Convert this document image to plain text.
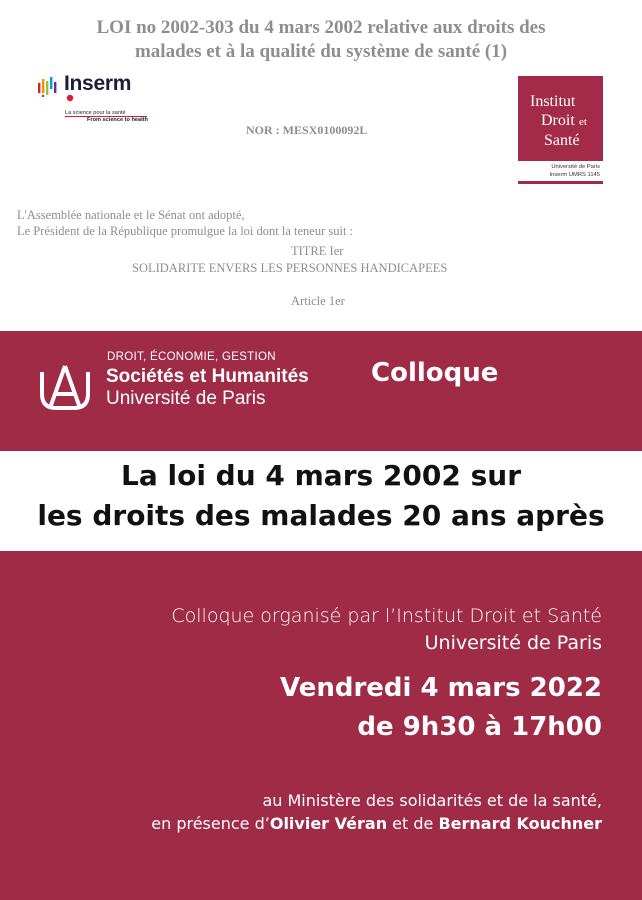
LOI no 2002-303 du 4 mars 2002 relative aux droits des
malades et à la qualité du système de santé (1)
Inserm
La science pour la santé
From science to health
NOR : MESX0100092L
Institut
Droit et
Santé
Université de Paris
Inserm UMRS 1145
L'Assemblée nationale et le Sénat ont adopté,
Le Président de la République promulgue la loi dont la teneur suit :
TITRE Ier
SOLIDARITE ENVERS LES PERSONNES HANDICAPEES
Article 1er
DROIT, ÉCONOMIE, GESTION
Sociétés et Humanités
Université de Paris
Colloque
La loi du 4 mars 2002 sur
les droits des malades 20 ans après
Colloque organisé par l’Institut Droit et Santé
Université de Paris
Vendredi 4 mars 2022
de 9h30 à 17h00
au Ministère des solidarités et de la santé,
en présence d’Olivier Véran et de Bernard Kouchner
